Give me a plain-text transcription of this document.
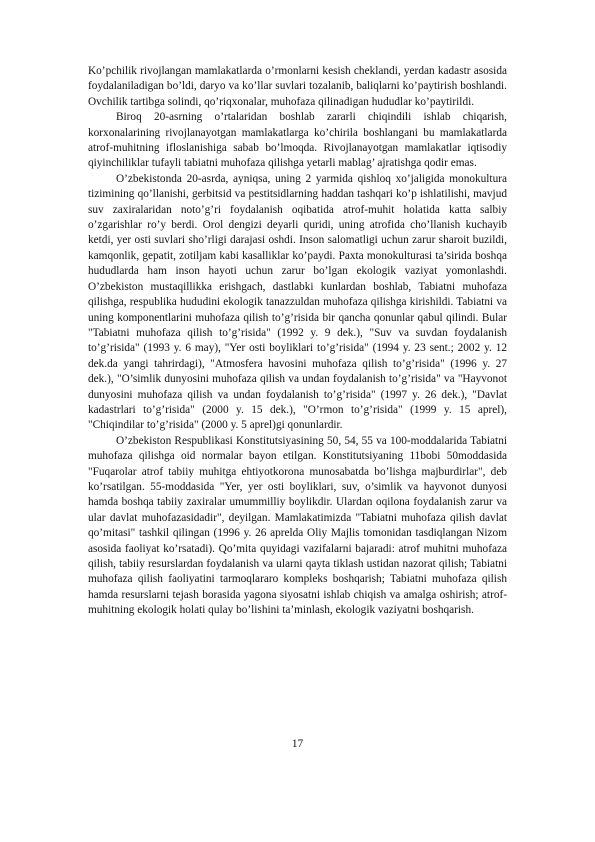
Ko’pchilik rivojlangan mamlakatlarda o’rmonlarni kesish cheklandi, yerdan kadastr asosida foydalaniladigan bo’ldi, daryo va ko’llar suvlari tozalanib, baliqlarni ko’paytirish boshlandi. Ovchilik tartibga solindi, qo’riqxonalar, muhofaza qilinadigan hududlar ko’paytirildi.

Biroq 20-asrning o’rtalaridan boshlab zararli chiqindili ishlab chiqarish, korxonalarining rivojlanayotgan mamlakatlarga ko’chirila boshlangani bu mamlakatlarda atrof-muhitning ifloslanishiga sabab bo’lmoqda. Rivojlanayotgan mamlakatlar iqtisodiy qiyinchiliklar tufayli tabiatni muhofaza qilishga yetarli mablag’ ajratishga qodir emas.

O’zbekistonda 20-asrda, ayniqsa, uning 2 yarmida qishloq xo’jaligida monokultura tizimining qo’llanishi, gerbitsid va pestitsidlarning haddan tashqari ko’p ishlatilishi, mavjud suv zaxiralaridan noto’g’ri foydalanish oqibatida atrof-muhit holatida katta salbiy o’zgarishlar ro’y berdi. Orol dengizi deyarli quridi, uning atrofida cho’llanish kuchayib ketdi, yer osti suvlari sho’rligi darajasi oshdi. Inson salomatligi uchun zarur sharoit buzildi, kamqonlik, gepatit, zotiljam kabi kasalliklar ko’paydi. Paxta monokulturasi ta’sirida boshqa hududlarda ham inson hayoti uchun zarur bo’lgan ekologik vaziyat yomonlashdi. O’zbekiston mustaqillikka erishgach, dastlabki kunlardan boshlab, Tabiatni muhofaza qilishga, respublika hududini ekologik tanazzuldan muhofaza qilishga kirishildi. Tabiatni va uning komponentlarini muhofaza qilish to’g’risida bir qancha qonunlar qabul qilindi. Bular "Tabiatni muhofaza qilish to’g’risida" (1992 y. 9 dek.), "Suv va suvdan foydalanish to’g’risida" (1993 y. 6 may), "Yer osti boyliklari to’g’risida" (1994 y. 23 sent.; 2002 y. 12 dek.da yangi tahrirdagi), "Atmosfera havosini muhofaza qilish to’g’risida" (1996 y. 27 dek.), "O’simlik dunyosini muhofaza qilish va undan foydalanish to’g’risida" va "Hayvonot dunyosini muhofaza qilish va undan foydalanish to’g’risida" (1997 y. 26 dek.), "Davlat kadastrlari to’g’risida" (2000 y. 15 dek.), "O’rmon to’g’risida" (1999 y. 15 aprel), "Chiqindilar to’g’risida" (2000 y. 5 aprel)gi qonunlardir.

O’zbekiston Respublikasi Konstitutsiyasining 50, 54, 55 va 100-moddalarida Tabiatni muhofaza qilishga oid normalar bayon etilgan. Konstitutsiyaning 11bobi 50moddasida "Fuqarolar atrof tabiiy muhitga ehtiyotkorona munosabatda bo’lishga majburdirlar", deb ko’rsatilgan. 55-moddasida "Yer, yer osti boyliklari, suv, o’simlik va hayvonot dunyosi hamda boshqa tabiiy zaxiralar umummilliy boylikdir. Ulardan oqilona foydalanish zarur va ular davlat muhofazasidadir", deyilgan. Mamlakatimizda "Tabiatni muhofaza qilish davlat qo’mitasi" tashkil qilingan (1996 y. 26 aprelda Oliy Majlis tomonidan tasdiqlangan Nizom asosida faoliyat ko’rsatadi). Qo’mita quyidagi vazifalarni bajaradi: atrof muhitni muhofaza qilish, tabiiy resurslardan foydalanish va ularni qayta tiklash ustidan nazorat qilish; Tabiatni muhofaza qilish faoliyatini tarmoqlararo kompleks boshqarish; Tabiatni muhofaza qilish hamda resurslarni tejash borasida yagona siyosatni ishlab chiqish va amalga oshirish; atrof-muhitning ekologik holati qulay bo’lishini ta’minlash, ekologik vaziyatni boshqarish.

17
